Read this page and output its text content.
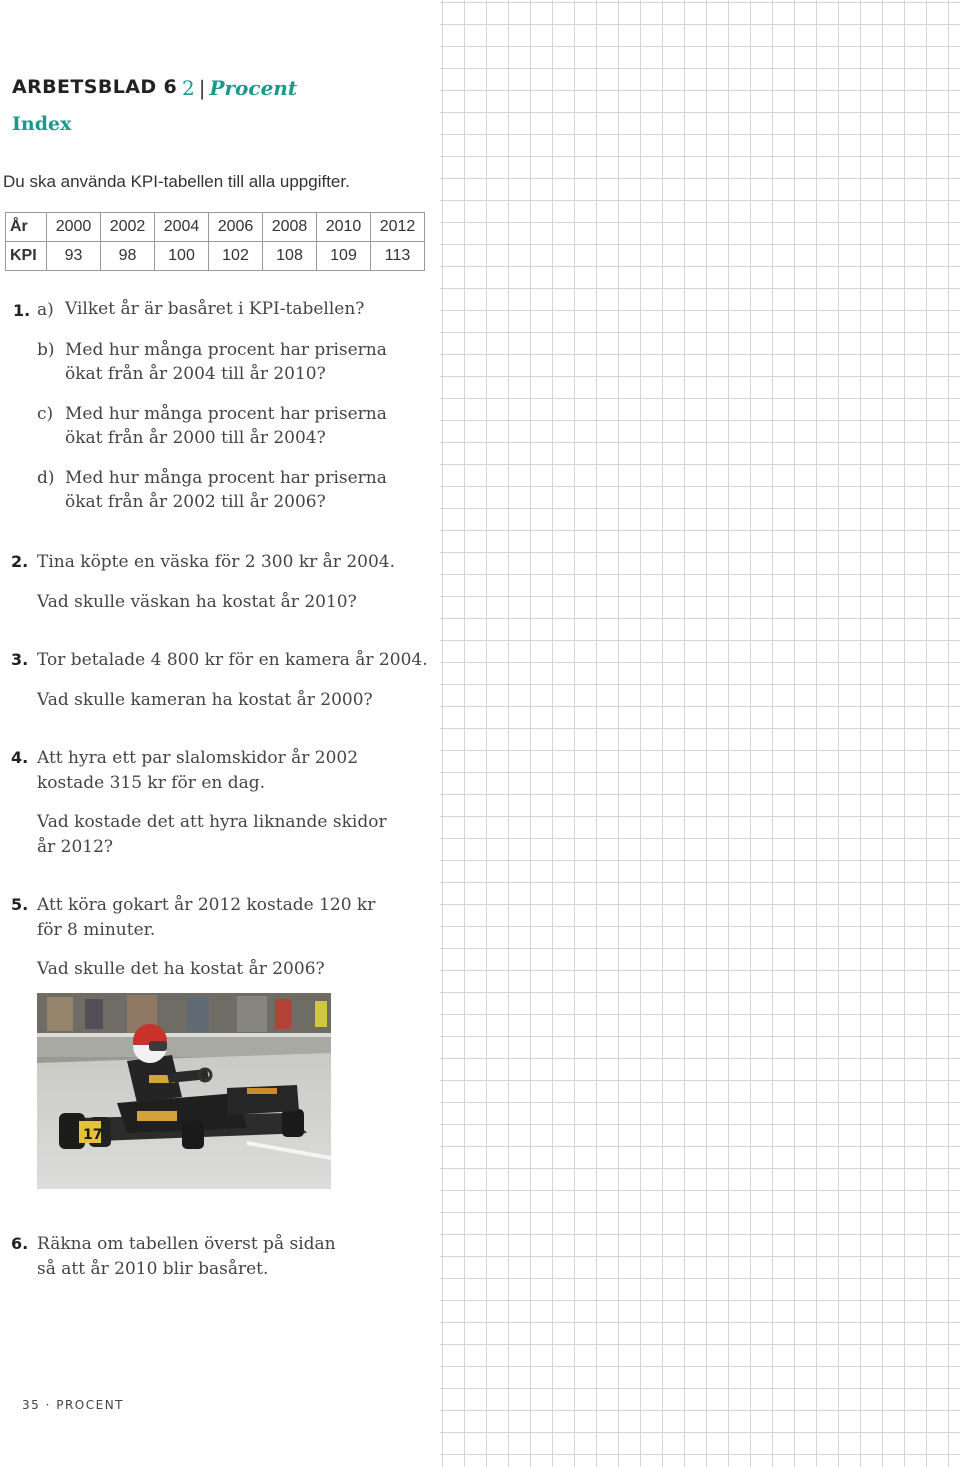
ARBETSBLAD 6 2 | Procent
Index
Du ska använda KPI-tabellen till alla uppgifter.
År	2000	2002	2004	2006	2008	2010	2012
KPI	93	98	100	102	108	109	113
1. a) Vilket år är basåret i KPI-tabellen?
b) Med hur många procent har priserna
ökat från år 2004 till år 2010?
c) Med hur många procent har priserna
ökat från år 2000 till år 2004?
d) Med hur många procent har priserna
ökat från år 2002 till år 2006?
2. Tina köpte en väska för 2 300 kr år 2004.
Vad skulle väskan ha kostat år 2010?
3. Tor betalade 4 800 kr för en kamera år 2004.
Vad skulle kameran ha kostat år 2000?
4. Att hyra ett par slalomskidor år 2002
kostade 315 kr för en dag.
Vad kostade det att hyra liknande skidor
år 2012?
5. Att köra gokart år 2012 kostade 120 kr
för 8 minuter.
Vad skulle det ha kostat år 2006?
17
6. Räkna om tabellen överst på sidan
så att år 2010 blir basåret.
35 · PROCENT
